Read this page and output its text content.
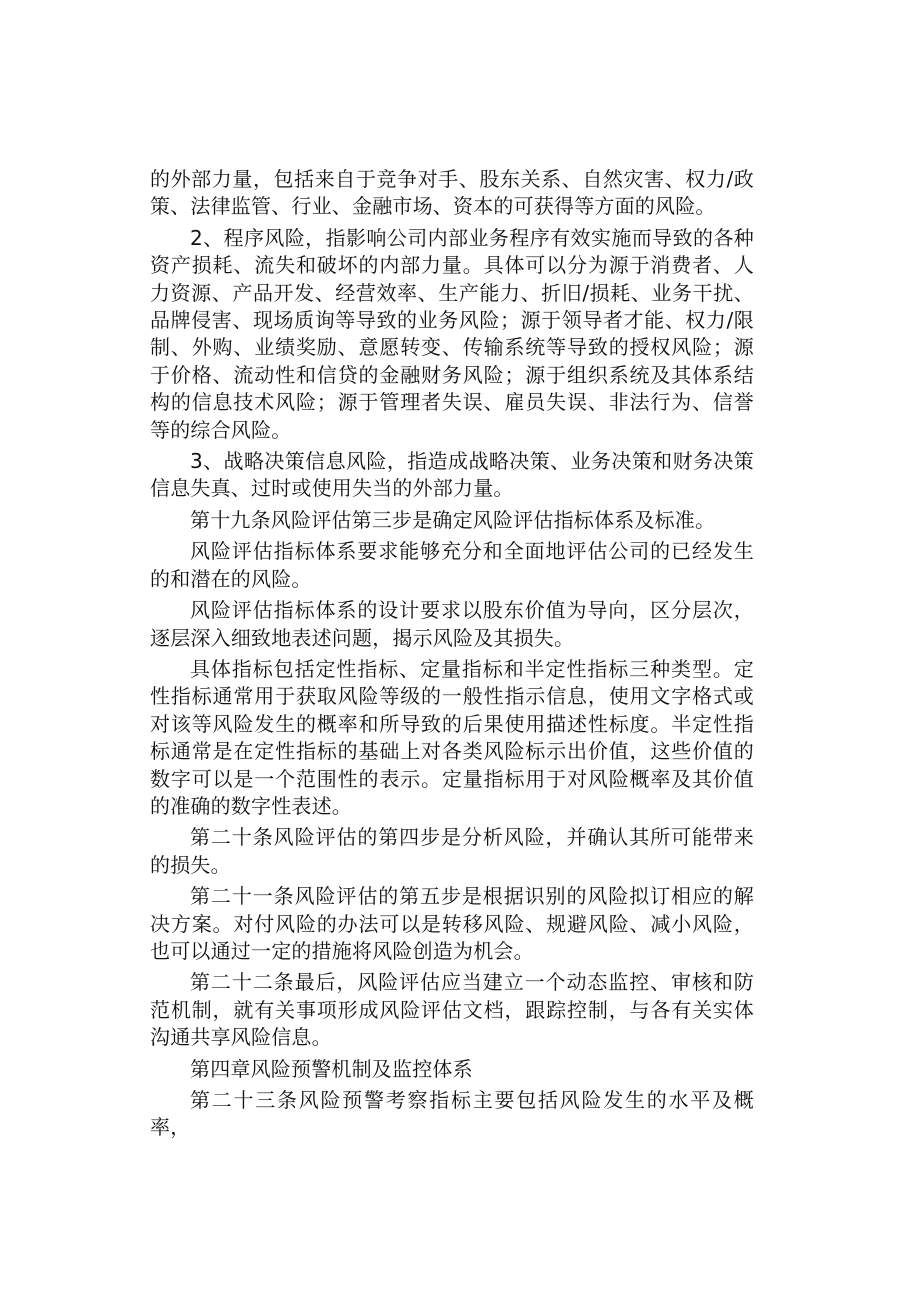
的外部力量，包括来自于竞争对手、股东关系、自然灾害、权力/政策、法律监管、行业、金融市场、资本的可获得等方面的风险。

2、程序风险，指影响公司内部业务程序有效实施而导致的各种资产损耗、流失和破坏的内部力量。具体可以分为源于消费者、人力资源、产品开发、经营效率、生产能力、折旧/损耗、业务干扰、品牌侵害、现场质询等导致的业务风险；源于领导者才能、权力/限制、外购、业绩奖励、意愿转变、传输系统等导致的授权风险；源于价格、流动性和信贷的金融财务风险；源于组织系统及其体系结构的信息技术风险；源于管理者失误、雇员失误、非法行为、信誉等的综合风险。

3、战略决策信息风险，指造成战略决策、业务决策和财务决策信息失真、过时或使用失当的外部力量。

第十九条风险评估第三步是确定风险评估指标体系及标准。

风险评估指标体系要求能够充分和全面地评估公司的已经发生的和潜在的风险。

风险评估指标体系的设计要求以股东价值为导向，区分层次，逐层深入细致地表述问题，揭示风险及其损失。

具体指标包括定性指标、定量指标和半定性指标三种类型。定性指标通常用于获取风险等级的一般性指示信息，使用文字格式或对该等风险发生的概率和所导致的后果使用描述性标度。半定性指标通常是在定性指标的基础上对各类风险标示出价值，这些价值的数字可以是一个范围性的表示。定量指标用于对风险概率及其价值的准确的数字性表述。

第二十条风险评估的第四步是分析风险，并确认其所可能带来的损失。

第二十一条风险评估的第五步是根据识别的风险拟订相应的解决方案。对付风险的办法可以是转移风险、规避风险、减小风险，也可以通过一定的措施将风险创造为机会。

第二十二条最后，风险评估应当建立一个动态监控、审核和防范机制，就有关事项形成风险评估文档，跟踪控制，与各有关实体沟通共享风险信息。

第四章风险预警机制及监控体系

第二十三条风险预警考察指标主要包括风险发生的水平及概率，
